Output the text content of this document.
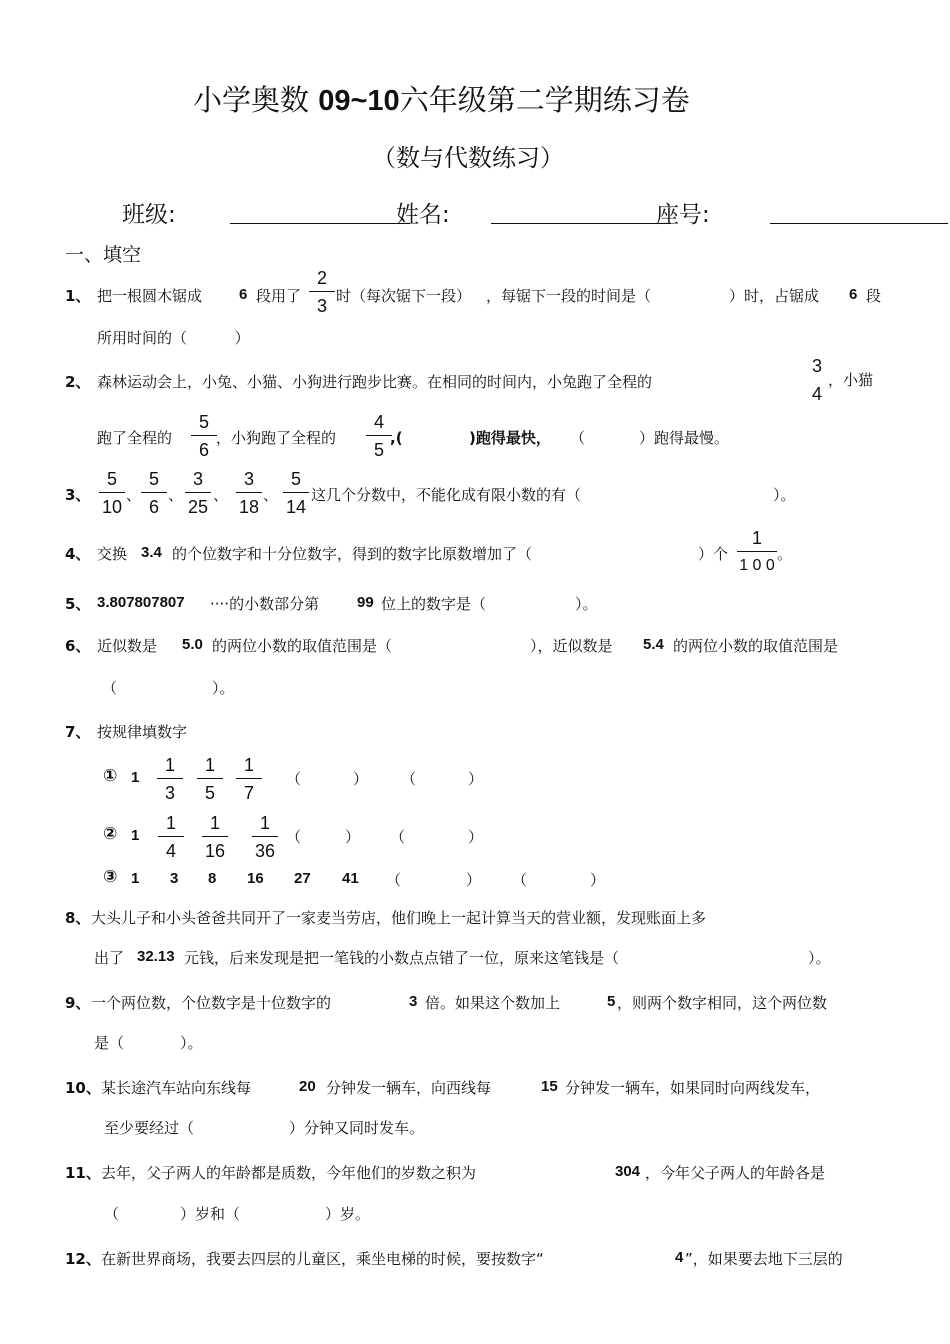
小学奥数 09~10六年级第二学期练习卷
（数与代数练习）
班级:	姓名:	座号:
一、填空
1、 把一根圆木锯成 6 段用了
2
3 时（每次锯下一段） ，每锯下一段的时间是（	）时，占锯成 6 段
所用时间的（          ）
2、 森林运动会上，小兔、小猫、小狗进行跑步比赛。在相同的时间内，小兔跑了全程的
3
4
，小猫
跑了全程的
5
6
，小狗跑了全程的
4
5
,(	)跑得最快， （	）跑得最慢。
3、
5
10
、
5
6
、
3
25
、
3
18
、
5
14
这几个分数中，不能化成有限小数的有（	）。
4、 交换 3.4 的个位数字和十分位数字，得到的数字比原数增加了（	）个
1
1 0 0
。
5、 3.807807807 ····的小数部分第	99 位上的数字是（	）。
6、 近似数是 5.0 的两位小数的取值范围是（	），近似数是 5.4 的两位小数的取值范围是
（	）。
7、 按规律填数字
① 1
1
3
1
5
1
7
（	） （	）
② 1
1
4
1
16
1
36
（	） （	）
③ 1 3 8 16 27 41 （	） （	）
8、 大头儿子和小头爸爸共同开了一家麦当劳店，他们晚上一起计算当天的营业额，发现账面上多
出了 32.13 元钱，后来发现是把一笔钱的小数点点错了一位，原来这笔钱是（	）。
9、 一个两位数，个位数字是十位数字的	3 倍。如果这个数加上	5 ，则两个数字相同，这个两位数
是（	）。
10、 某长途汽车站向东线每	20 分钟发一辆车，向西线每	15 分钟发一辆车，如果同时向两线发车，
至少要经过（	）分钟又同时发车。
11、 去年，父子两人的年龄都是质数，今年他们的岁数之积为	304 ，今年父子两人的年龄各是
（	）岁和（	）岁。
12、 在新世界商场，我要去四层的儿童区，乘坐电梯的时候，要按数字“	4 ”，如果要去地下三层的
